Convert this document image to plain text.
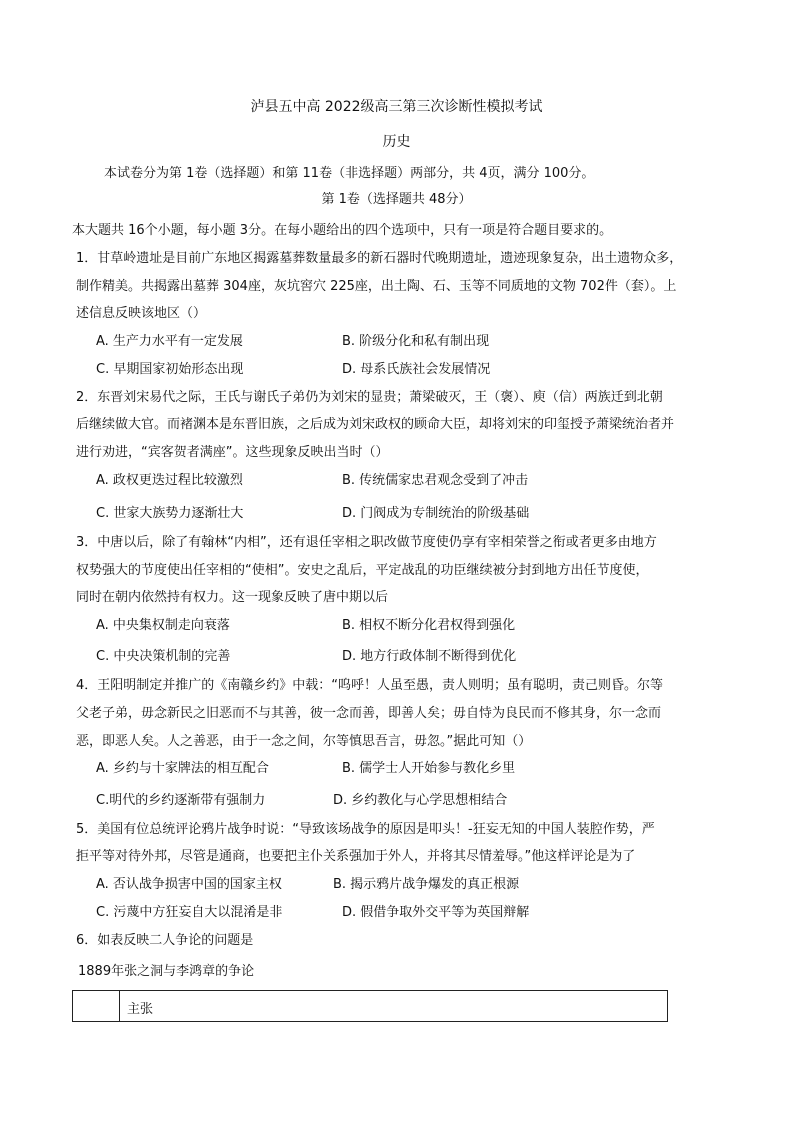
泸县五中高 2022级高三第三次诊断性模拟考试
历史
本试卷分为第 1卷（选择题）和第 11卷（非选择题）两部分，共 4页，满分 100分。
第 1卷（选择题共 48分）
本大题共 16个小题，每小题 3分。在每小题给出的四个选项中，只有一项是符合题目要求的。
1．甘草岭遗址是目前广东地区揭露墓葬数量最多的新石器时代晚期遗址，遗迹现象复杂，出土遗物众多，
制作精美。共揭露出墓葬 304座，灰坑窖穴 225座，出土陶、石、玉等不同质地的文物 702件（套）。上
述信息反映该地区（）
A. 生产力水平有一定发展	B. 阶级分化和私有制出现
C. 早期国家初始形态出现	D. 母系氏族社会发展情况
2．东晋刘宋易代之际，王氏与谢氏子弟仍为刘宋的显贵；萧梁破灭，王（褒）、庾（信）两族迁到北朝
后继续做大官。而褚渊本是东晋旧族，之后成为刘宋政权的顾命大臣，却将刘宋的印玺授予萧梁统治者并
进行劝进，“宾客贺者满座”。这些现象反映出当时（）
A. 政权更迭过程比较激烈	B. 传统儒家忠君观念受到了冲击
C. 世家大族势力逐渐壮大	D. 门阀成为专制统治的阶级基础
3．中唐以后，除了有翰林“内相”，还有退任宰相之职改做节度使仍享有宰相荣誉之衔或者更多由地方
权势强大的节度使出任宰相的“使相”。安史之乱后，平定战乱的功臣继续被分封到地方出任节度使，
同时在朝内依然持有权力。这一现象反映了唐中期以后
A. 中央集权制走向衰落	B. 相权不断分化君权得到强化
C. 中央决策机制的完善	D. 地方行政体制不断得到优化
4．王阳明制定并推广的《南赣乡约》中载：“呜呼！人虽至愚，责人则明；虽有聪明，责己则昏。尔等
父老子弟，毋念新民之旧恶而不与其善，彼一念而善，即善人矣；毋自恃为良民而不修其身，尔一念而
恶，即恶人矣。人之善恶，由于一念之间，尔等慎思吾言，毋忽。”据此可知（）
A. 乡约与十家牌法的相互配合	B. 儒学士人开始参与教化乡里
C.明代的乡约逐渐带有强制力	D. 乡约教化与心学思想相结合
5．美国有位总统评论鸦片战争时说：“导致该场战争的原因是叩头！-狂妄无知的中国人装腔作势，严
拒平等对待外邦，尽管是通商，也要把主仆关系强加于外人，并将其尽情羞辱。”他这样评论是为了
A. 否认战争损害中国的国家主权	B. 揭示鸦片战争爆发的真正根源
C. 污蔑中方狂妄自大以混淆是非	D. 假借争取外交平等为英国辩解
6．如表反映二人争论的问题是
1889年张之洞与李鸿章的争论
主张
